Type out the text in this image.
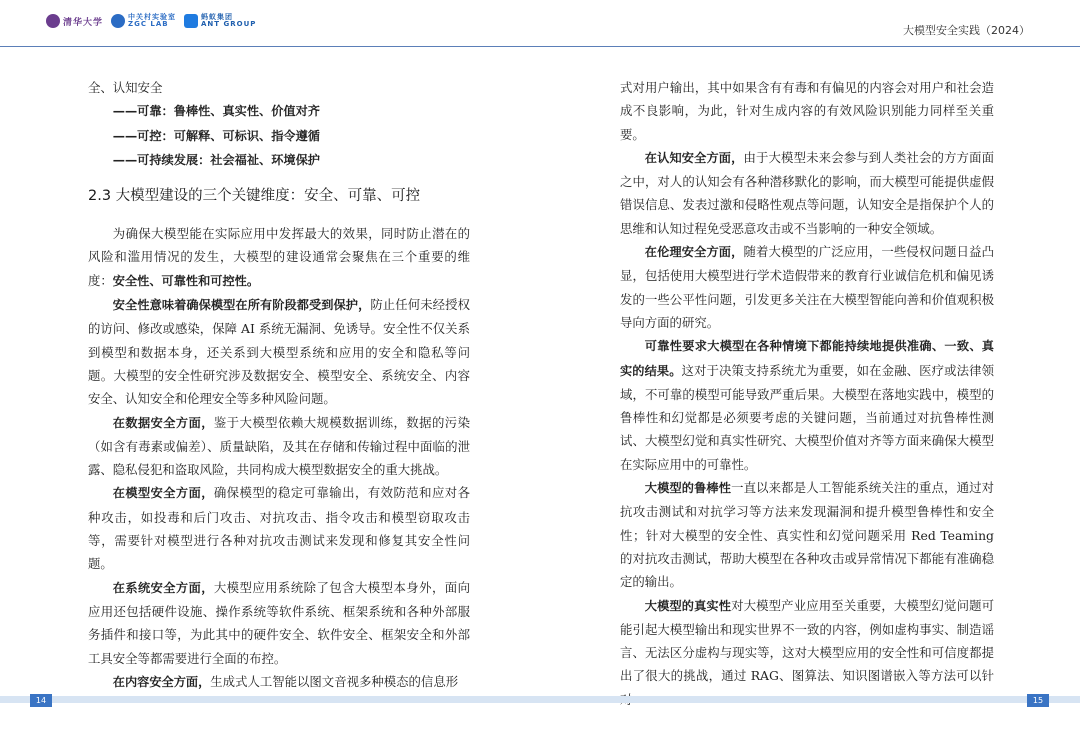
清华大学
中关村实验室
ZGC LAB
蚂蚁集团
ANT GROUP	大模型安全实践（2024）

全、认知安全

——可靠：鲁棒性、真实性、价值对齐

——可控：可解释、可标识、指令遵循

——可持续发展：社会福祉、环境保护

2.3 大模型建设的三个关键维度：安全、可靠、可控

为确保大模型能在实际应用中发挥最大的效果，同时防止潜在的风险和滥用情况的发生，大模型的建设通常会聚焦在三个重要的维度：安全性、可靠性和可控性。

安全性意味着确保模型在所有阶段都受到保护，防止任何未经授权的访问、修改或感染，保障 AI 系统无漏洞、免诱导。安全性不仅关系到模型和数据本身，还关系到大模型系统和应用的安全和隐私等问题。大模型的安全性研究涉及数据安全、模型安全、系统安全、内容安全、认知安全和伦理安全等多种风险问题。

在数据安全方面，鉴于大模型依赖大规模数据训练，数据的污染（如含有毒素或偏差）、质量缺陷，及其在存储和传输过程中面临的泄露、隐私侵犯和盗取风险，共同构成大模型数据安全的重大挑战。

在模型安全方面，确保模型的稳定可靠输出，有效防范和应对各种攻击，如投毒和后门攻击、对抗攻击、指令攻击和模型窃取攻击等，需要针对模型进行各种对抗攻击测试来发现和修复其安全性问题。

在系统安全方面，大模型应用系统除了包含大模型本身外，面向应用还包括硬件设施、操作系统等软件系统、框架系统和各种外部服务插件和接口等，为此其中的硬件安全、软件安全、框架安全和外部工具安全等都需要进行全面的布控。

在内容安全方面，生成式人工智能以图文音视多种模态的信息形

式对用户输出，其中如果含有有毒和有偏见的内容会对用户和社会造成不良影响，为此，针对生成内容的有效风险识别能力同样至关重要。

在认知安全方面，由于大模型未来会参与到人类社会的方方面面之中，对人的认知会有各种潜移默化的影响，而大模型可能提供虚假错误信息、发表过激和侵略性观点等问题，认知安全是指保护个人的思维和认知过程免受恶意攻击或不当影响的一种安全领域。

在伦理安全方面，随着大模型的广泛应用，一些侵权问题日益凸显，包括使用大模型进行学术造假带来的教育行业诚信危机和偏见诱发的一些公平性问题，引发更多关注在大模型智能向善和价值观积极导向方面的研究。

可靠性要求大模型在各种情境下都能持续地提供准确、一致、真实的结果。这对于决策支持系统尤为重要，如在金融、医疗或法律领域，不可靠的模型可能导致严重后果。大模型在落地实践中，模型的鲁棒性和幻觉都是必须要考虑的关键问题，当前通过对抗鲁棒性测试、大模型幻觉和真实性研究、大模型价值对齐等方面来确保大模型在实际应用中的可靠性。

大模型的鲁棒性一直以来都是人工智能系统关注的重点，通过对抗攻击测试和对抗学习等方法来发现漏洞和提升模型鲁棒性和安全性；针对大模型的安全性、真实性和幻觉问题采用 Red Teaming 的对抗攻击测试，帮助大模型在各种攻击或异常情况下都能有准确稳定的输出。

大模型的真实性对大模型产业应用至关重要，大模型幻觉问题可能引起大模型输出和现实世界不一致的内容，例如虚构事实、制造谣言、无法区分虚构与现实等，这对大模型应用的安全性和可信度都提出了很大的挑战，通过 RAG、图算法、知识图谱嵌入等方法可以针

14	15
